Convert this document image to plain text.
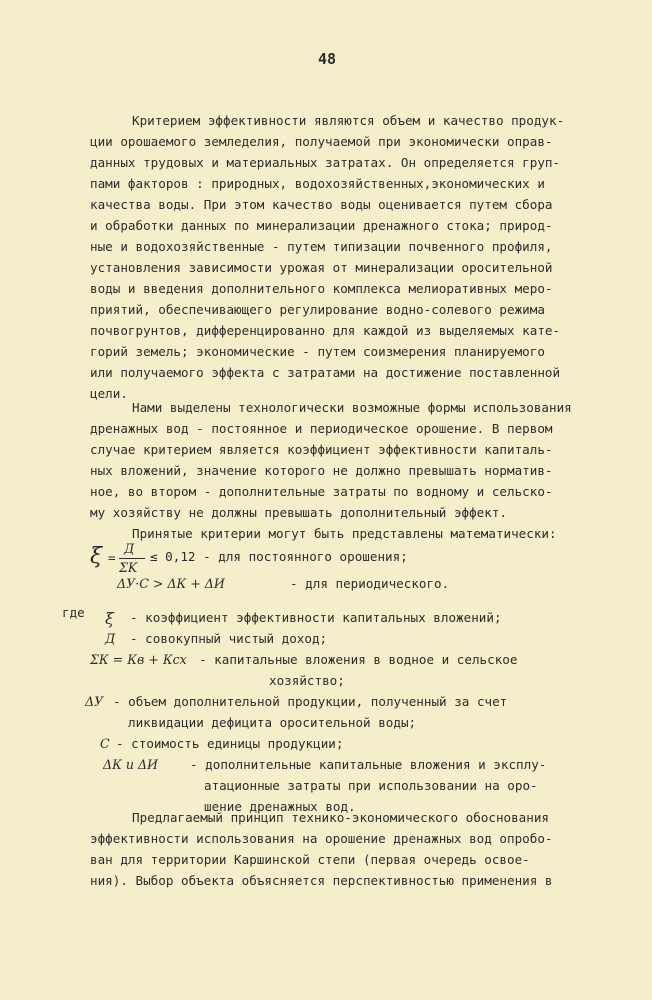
48
Критерием эффективности являются объем и качество продук-
ции орошаемого земледелия, получаемой при экономически оправ-
данных трудовых и материальных затратах. Он определяется груп-
пами факторов : природных, водохозяйственных,экономических и
качества воды. При этом качество воды оценивается путем сбора
и обработки данных по минерализации дренажного стока; природ-
ные и водохозяйственные - путем типизации почвенного профиля,
установления зависимости урожая от минерализации оросительной
воды и введения дополнительного комплекса мелиоративных меро-
приятий, обеспечивающего регулирование водно-солевого режима
почвогрунтов, дифференцированно для каждой из выделяемых кате-
горий земель; экономические - путем соизмерения планируемого
или получаемого эффекта с затратами на достижение поставленной
цели.
Нами выделены технологически возможные формы использования
дренажных вод - постоянное и периодическое орошение. В первом
случае критерием является коэффициент эффективности капиталь-
ных вложений, значение которого не должно превышать норматив-
ное, во втором - дополнительные затраты по водному и сельско-
му хозяйству не должны превышать дополнительный эффект.
Принятые критерии могут быть представлены математически:
ξ =
Д
ΣK
≤ 0,12 - для постоянного орошения;
ΔУ·С > ΔК + ΔИ	- для периодического.
где ξ - коэффициент эффективности капитальных вложений;
Д - совокупный чистый доход;
ΣК = Кв + Ксх - капитальные вложения в водное и сельское
хозяйство;
ΔУ - объем дополнительной продукции, полученный за счет
ликвидации дефицита оросительной воды;
С - стоимость единицы продукции;
ΔК и ΔИ	- дополнительные капитальные вложения и эксплу-
атационные затраты при использовании на оро-
шение дренажных вод.
Предлагаемый принцип технико-экономического обоснования
эффективности использования на орошение дренажных вод опробо-
ван для территории Каршинской степи (первая очередь освое-
ния). Выбор объекта объясняется перспективностью применения в
